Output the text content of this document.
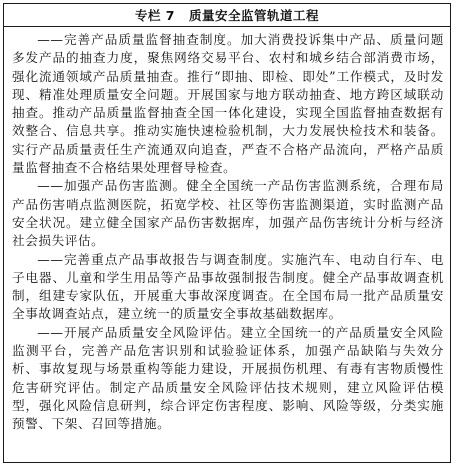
专栏 7 质量安全监管轨道工程

——完善产品质量监督抽查制度。加大消费投诉集中产品、质量问题多发产品的抽查力度，聚焦网络交易平台、农村和城乡结合部消费市场，强化流通领域产品质量抽查。推行“即抽、即检、即处”工作模式，及时发现、精准处理质量安全问题。开展国家与地方联动抽查、地方跨区域联动抽查。推动产品质量监督抽查全国一体化建设，实现全国监督抽查数据有效整合、信息共享。推动实施快速检验机制，大力发展快检技术和装备。实行产品质量责任生产流通双向追查，严查不合格产品流向，严格产品质量监督抽查不合格结果处理督导检查。

——加强产品伤害监测。健全全国统一产品伤害监测系统，合理布局产品伤害哨点监测医院，拓宽学校、社区等伤害监测渠道，实时监测产品安全状况。建立健全国家产品伤害数据库，加强产品伤害统计分析与经济社会损失评估。

——完善重点产品事故报告与调查制度。实施汽车、电动自行车、电子电器、儿童和学生用品等产品事故强制报告制度。健全产品事故调查机制，组建专家队伍，开展重大事故深度调查。在全国布局一批产品质量安全事故调查站点，建立统一的质量安全事故基础数据库。

——开展产品质量安全风险评估。建立全国统一的产品质量安全风险监测平台，完善产品危害识别和试验验证体系，加强产品缺陷与失效分析、事故复现与场景重构等能力建设，开展损伤机理、有毒有害物质慢性危害研究评估。制定产品质量安全风险评估技术规则，建立风险评估模型，强化风险信息研判，综合评定伤害程度、影响、风险等级，分类实施预警、下架、召回等措施。
